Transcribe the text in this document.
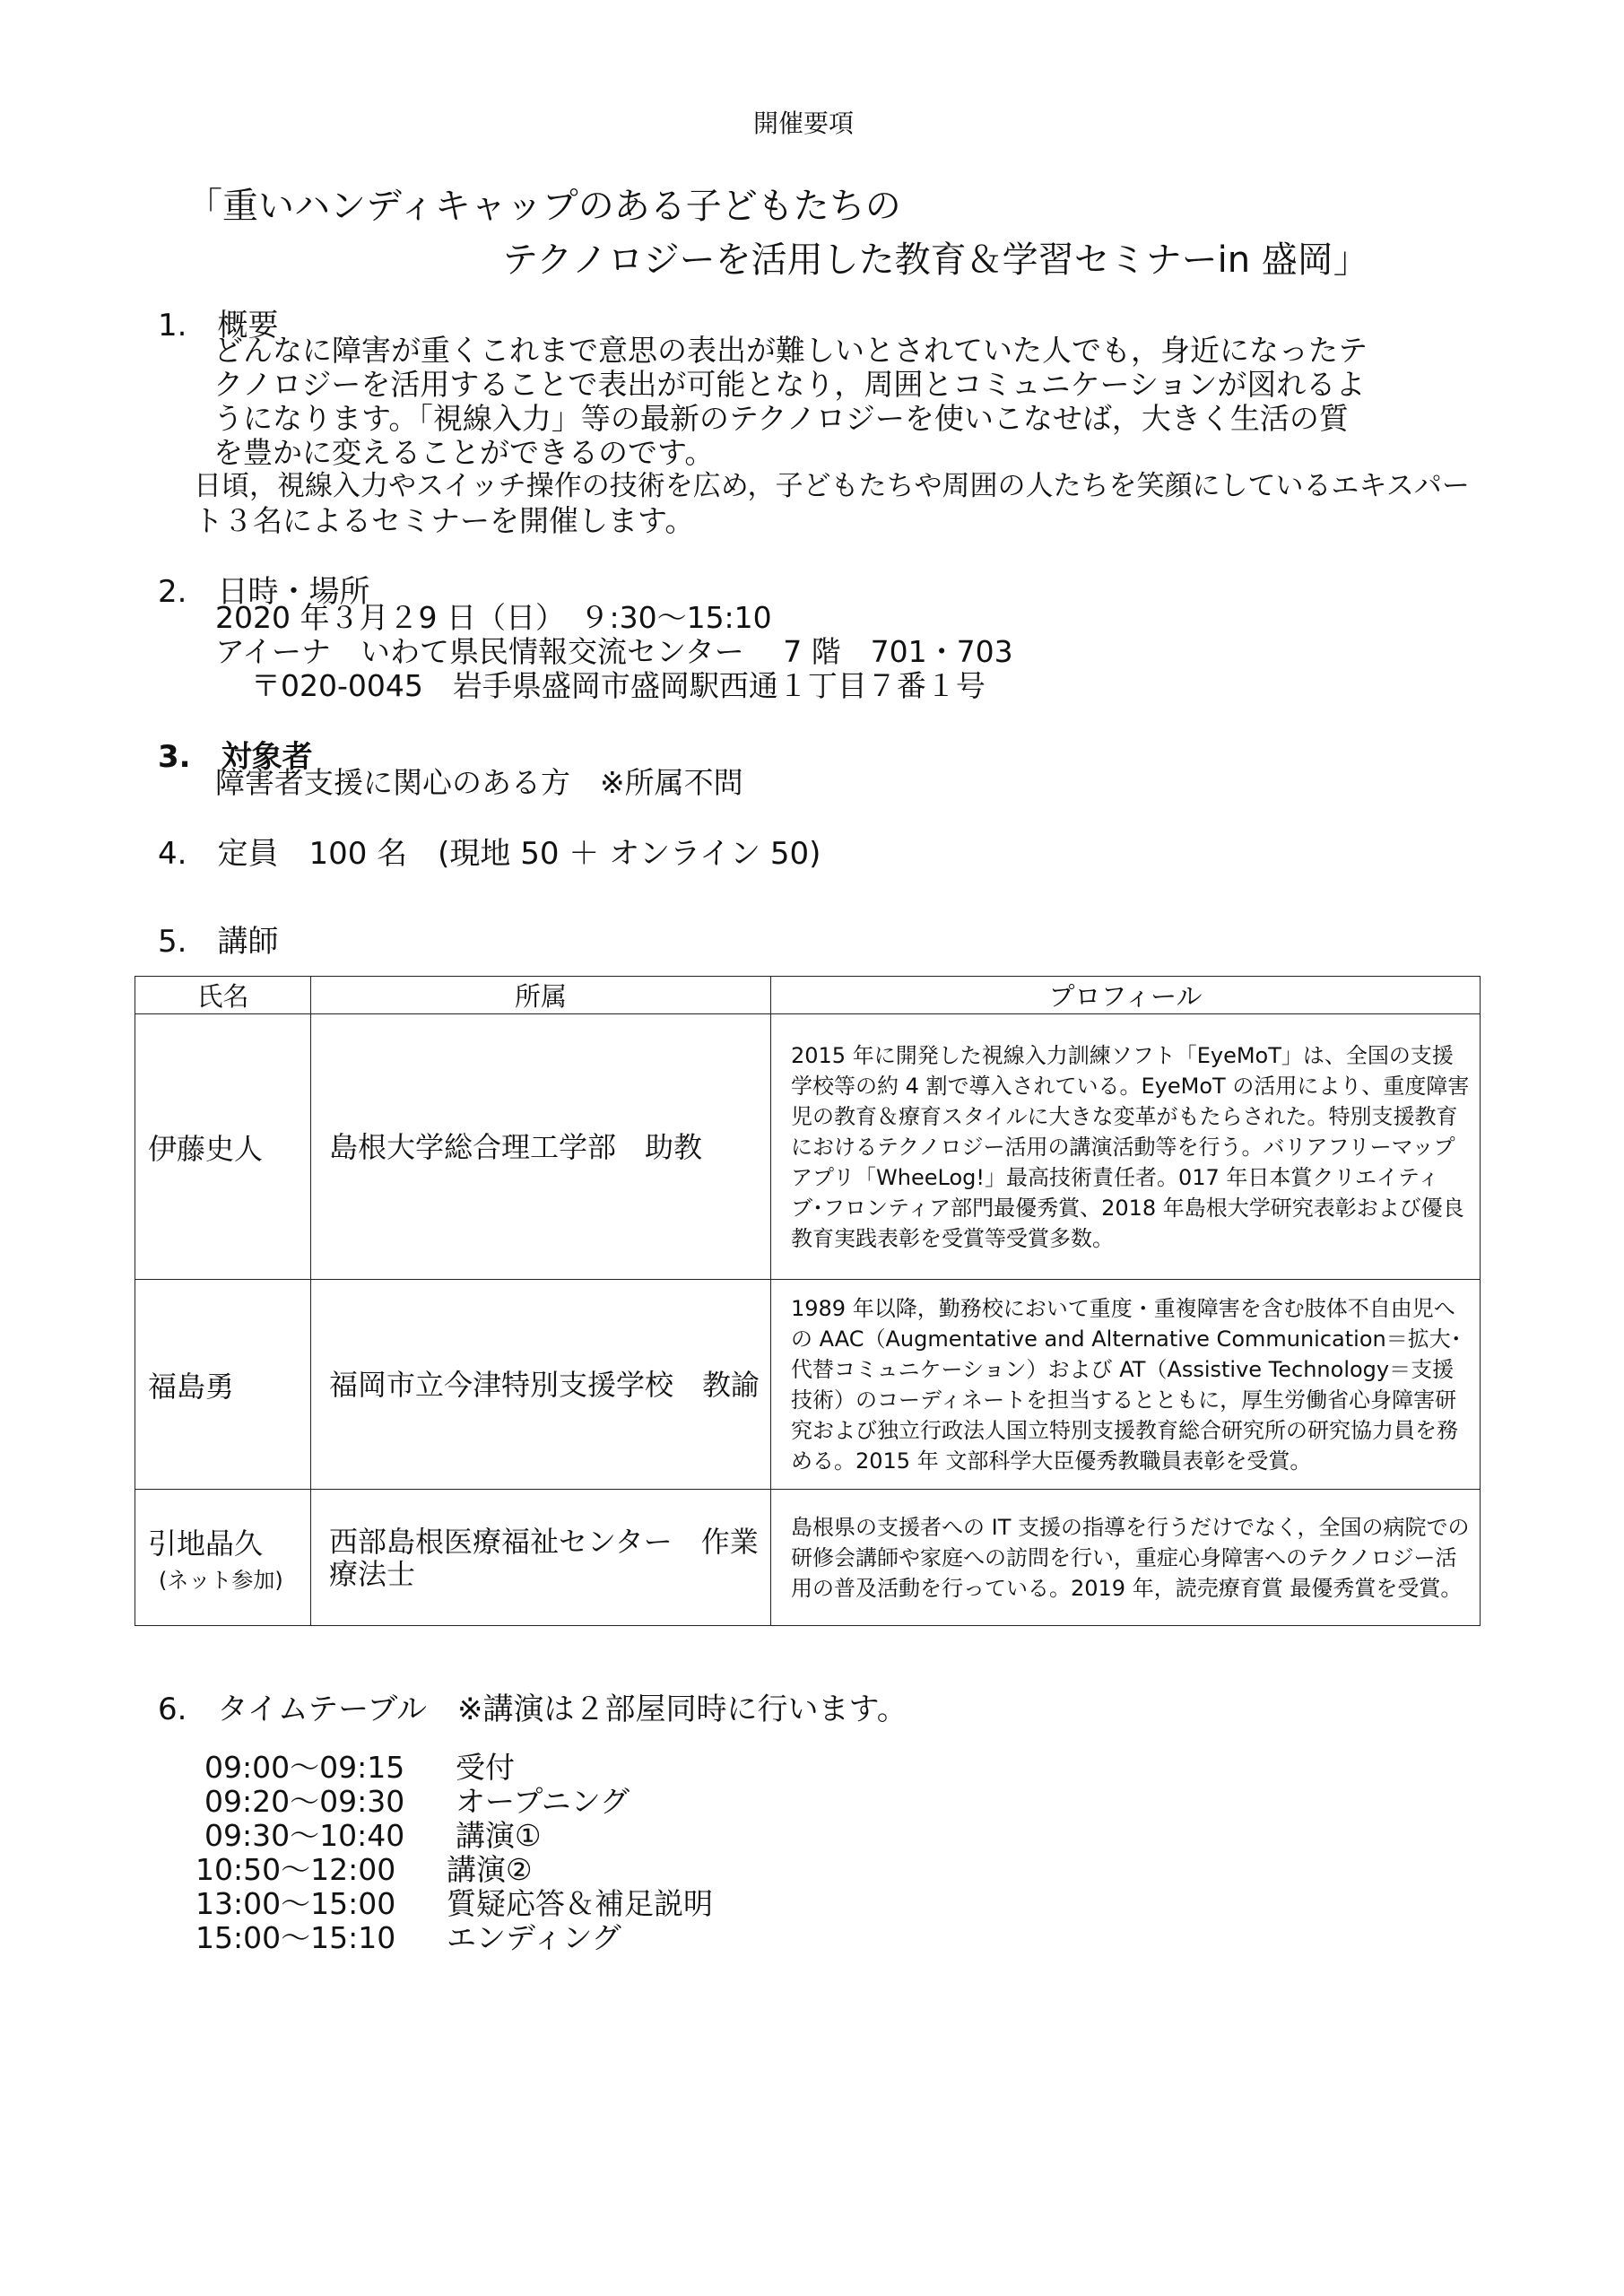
開催要項
「重いハンディキャップのある子どもたちの
テクノロジーを活用した教育＆学習セミナーin 盛岡」
1.　概要
どんなに障害が重くこれまで意思の表出が難しいとされていた人でも，身近になったテ
クノロジーを活用することで表出が可能となり，周囲とコミュニケーションが図れるよ
うになります。「視線入力」等の最新のテクノロジーを使いこなせば，大きく生活の質
を豊かに変えることができるのです。
日頃，視線入力やスイッチ操作の技術を広め，子どもたちや周囲の人たちを笑顔にしているエキスパー
ト３名によるセミナーを開催します。
2.　日時・場所
2020 年３月２9 日（日）　９:30～15:10
アイーナ　いわて県民情報交流センター　 7 階　701・703
〒020-0045　岩手県盛岡市盛岡駅西通１丁目７番１号
3.　対象者
障害者支援に関心のある方　※所属不問
4.　定員　100 名　(現地 50 ＋ オンライン 50)
5.　講師
氏名	所属	プロフィール
伊藤史人	島根大学総合理工学部　助教	2015 年に開発した視線入力訓練ソフト「EyeMoT」は、全国の支援学校等の約 4 割で導入されている。EyeMoT の活用により、重度障害児の教育＆療育スタイルに大きな変革がもたらされた。特別支援教育におけるテクノロジー活用の講演活動等を行う。バリアフリーマップアプリ「WheeLog!」最高技術責任者。017 年日本賞クリエイティブ･フロンティア部門最優秀賞、2018 年島根大学研究表彰および優良教育実践表彰を受賞等受賞多数。
福島勇	福岡市立今津特別支援学校　教諭	1989 年以降，勤務校において重度・重複障害を含む肢体不自由児への AAC（Augmentative and Alternative Communication＝拡大･代替コミュニケーション）および AT（Assistive Technology＝支援技術）のコーディネートを担当するとともに，厚生労働省心身障害研究および独立行政法人国立特別支援教育総合研究所の研究協力員を務める。2015 年 文部科学大臣優秀教職員表彰を受賞。
引地晶久
(ネット参加)	西部島根医療福祉センター　作業療法士	島根県の支援者への IT 支援の指導を行うだけでなく，全国の病院での研修会講師や家庭への訪問を行い，重症心身障害へのテクノロジー活用の普及活動を行っている。2019 年，読売療育賞 最優秀賞を受賞。
6.　タイムテーブル　※講演は２部屋同時に行います。
09:00～09:15 受付
09:20～09:30 オープニング
09:30～10:40 講演①
10:50～12:00 講演②
13:00～15:00 質疑応答＆補足説明
15:00～15:10 エンディング
